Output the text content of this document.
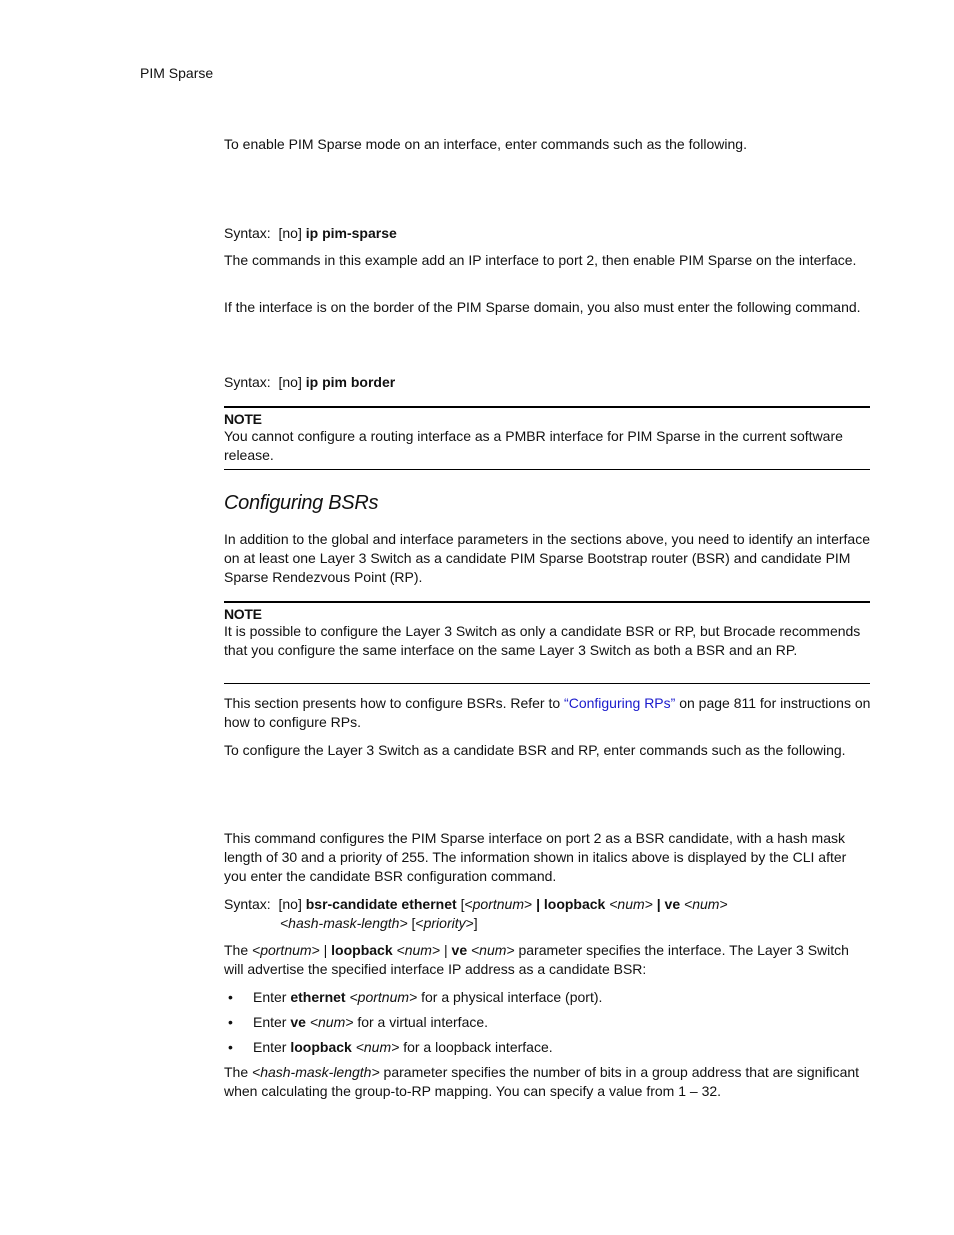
PIM Sparse
To enable PIM Sparse mode on an interface, enter commands such as the following.
Syntax: [no] ip pim-sparse
The commands in this example add an IP interface to port 2, then enable PIM Sparse on the interface.
If the interface is on the border of the PIM Sparse domain, you also must enter the following command.
Syntax: [no] ip pim border
NOTE
You cannot configure a routing interface as a PMBR interface for PIM Sparse in the current software release.
Configuring BSRs
In addition to the global and interface parameters in the sections above, you need to identify an interface on at least one Layer 3 Switch as a candidate PIM Sparse Bootstrap router (BSR) and candidate PIM Sparse Rendezvous Point (RP).
NOTE
It is possible to configure the Layer 3 Switch as only a candidate BSR or RP, but Brocade recommends that you configure the same interface on the same Layer 3 Switch as both a BSR and an RP.
This section presents how to configure BSRs. Refer to “Configuring RPs” on page 811 for instructions on how to configure RPs.
To configure the Layer 3 Switch as a candidate BSR and RP, enter commands such as the following.
This command configures the PIM Sparse interface on port 2 as a BSR candidate, with a hash mask length of 30 and a priority of 255. The information shown in italics above is displayed by the CLI after you enter the candidate BSR configuration command.
Syntax: [no] bsr-candidate ethernet [<portnum> | loopback <num> | ve <num>
<hash-mask-length> [<priority>]
The <portnum> | loopback <num> | ve <num> parameter specifies the interface. The Layer 3 Switch will advertise the specified interface IP address as a candidate BSR:
• Enter ethernet <portnum> for a physical interface (port).
• Enter ve <num> for a virtual interface.
• Enter loopback <num> for a loopback interface.
The <hash-mask-length> parameter specifies the number of bits in a group address that are significant when calculating the group-to-RP mapping. You can specify a value from 1 – 32.
